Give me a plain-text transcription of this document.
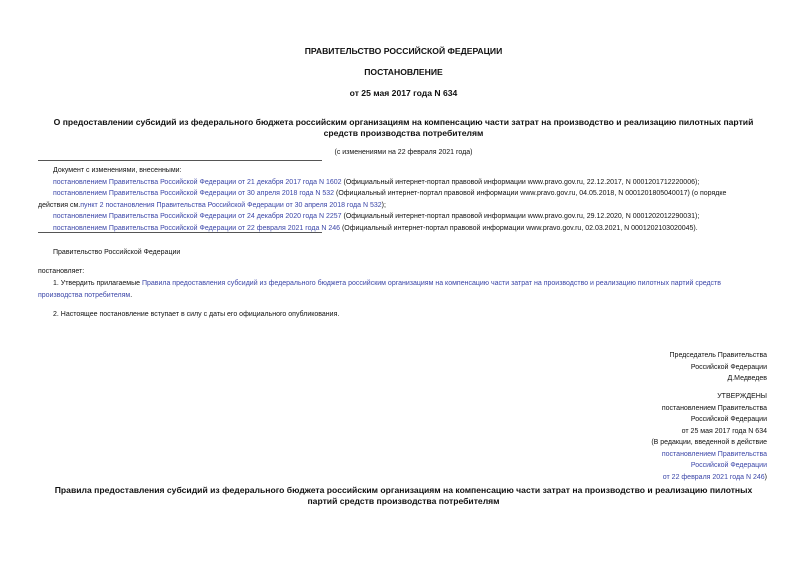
ПРАВИТЕЛЬСТВО РОССИЙСКОЙ ФЕДЕРАЦИИ
ПОСТАНОВЛЕНИЕ
от 25 мая 2017 года N 634
О предоставлении субсидий из федерального бюджета российским организациям на компенсацию части затрат на производство и реализацию пилотных партий
средств производства потребителям
(с изменениями на 22 февраля 2021 года)
Документ с изменениями, внесенными:
постановлением Правительства Российской Федерации от 21 декабря 2017 года N 1602 (Официальный интернет-портал правовой информации www.pravo.gov.ru, 22.12.2017, N 0001201712220006);
постановлением Правительства Российской Федерации от 30 апреля 2018 года N 532 (Официальный интернет-портал правовой информации www.pravo.gov.ru, 04.05.2018, N 0001201805040017) (о порядке
действия см.пункт 2 постановления Правительства Российской Федерации от 30 апреля 2018 года N 532);
постановлением Правительства Российской Федерации от 24 декабря 2020 года N 2257 (Официальный интернет-портал правовой информации www.pravo.gov.ru, 29.12.2020, N 0001202012290031);
постановлением Правительства Российской Федерации от 22 февраля 2021 года N 246 (Официальный интернет-портал правовой информации www.pravo.gov.ru, 02.03.2021, N 0001202103020045).
Правительство Российской Федерации
постановляет:
1. Утвердить прилагаемые Правила предоставления субсидий из федерального бюджета российским организациям на компенсацию части затрат на производство и реализацию пилотных партий средств
производства потребителям.
2. Настоящее постановление вступает в силу с даты его официального опубликования.
Председатель Правительства
Российской Федерации
Д.Медведев
УТВЕРЖДЕНЫ
постановлением Правительства
Российской Федерации
от 25 мая 2017 года N 634
(В редакции, введенной в действие
постановлением Правительства
Российской Федерации
от 22 февраля 2021 года N 246)
Правила предоставления субсидий из федерального бюджета российским организациям на компенсацию части затрат на производство и реализацию пилотных
партий средств производства потребителям
